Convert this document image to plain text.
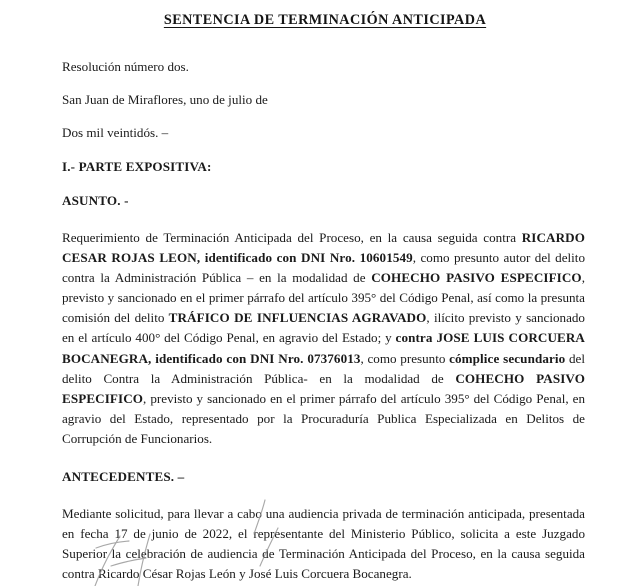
SENTENCIA DE TERMINACIÓN ANTICIPADA

Resolución número dos.

San Juan de Miraflores, uno de julio de

Dos mil veintidós. –

I.- PARTE EXPOSITIVA:

ASUNTO. -

Requerimiento de Terminación Anticipada del Proceso, en la causa seguida contra RICARDO CESAR ROJAS LEON, identificado con DNI Nro. 10601549, como presunto autor del delito contra la Administración Pública – en la modalidad de COHECHO PASIVO ESPECIFICO, previsto y sancionado en el primer párrafo del artículo 395° del Código Penal, así como la presunta comisión del delito TRÁFICO DE INFLUENCIAS AGRAVADO, ilícito previsto y sancionado en el artículo 400° del Código Penal, en agravio del Estado; y contra JOSE LUIS CORCUERA BOCANEGRA, identificado con DNI Nro. 07376013, como presunto cómplice secundario del delito Contra la Administración Pública- en la modalidad de COHECHO PASIVO ESPECIFICO, previsto y sancionado en el primer párrafo del artículo 395° del Código Penal, en agravio del Estado, representado por la Procuraduría Publica Especializada en Delitos de Corrupción de Funcionarios.

ANTECEDENTES. –

Mediante solicitud, para llevar a cabo una audiencia privada de terminación anticipada, presentada en fecha 17 de junio de 2022, el representante del Ministerio Público, solicita a este Juzgado Superior la celebración de audiencia de Terminación Anticipada del Proceso, en la causa seguida contra Ricardo César Rojas León y José Luis Corcuera Bocanegra.
